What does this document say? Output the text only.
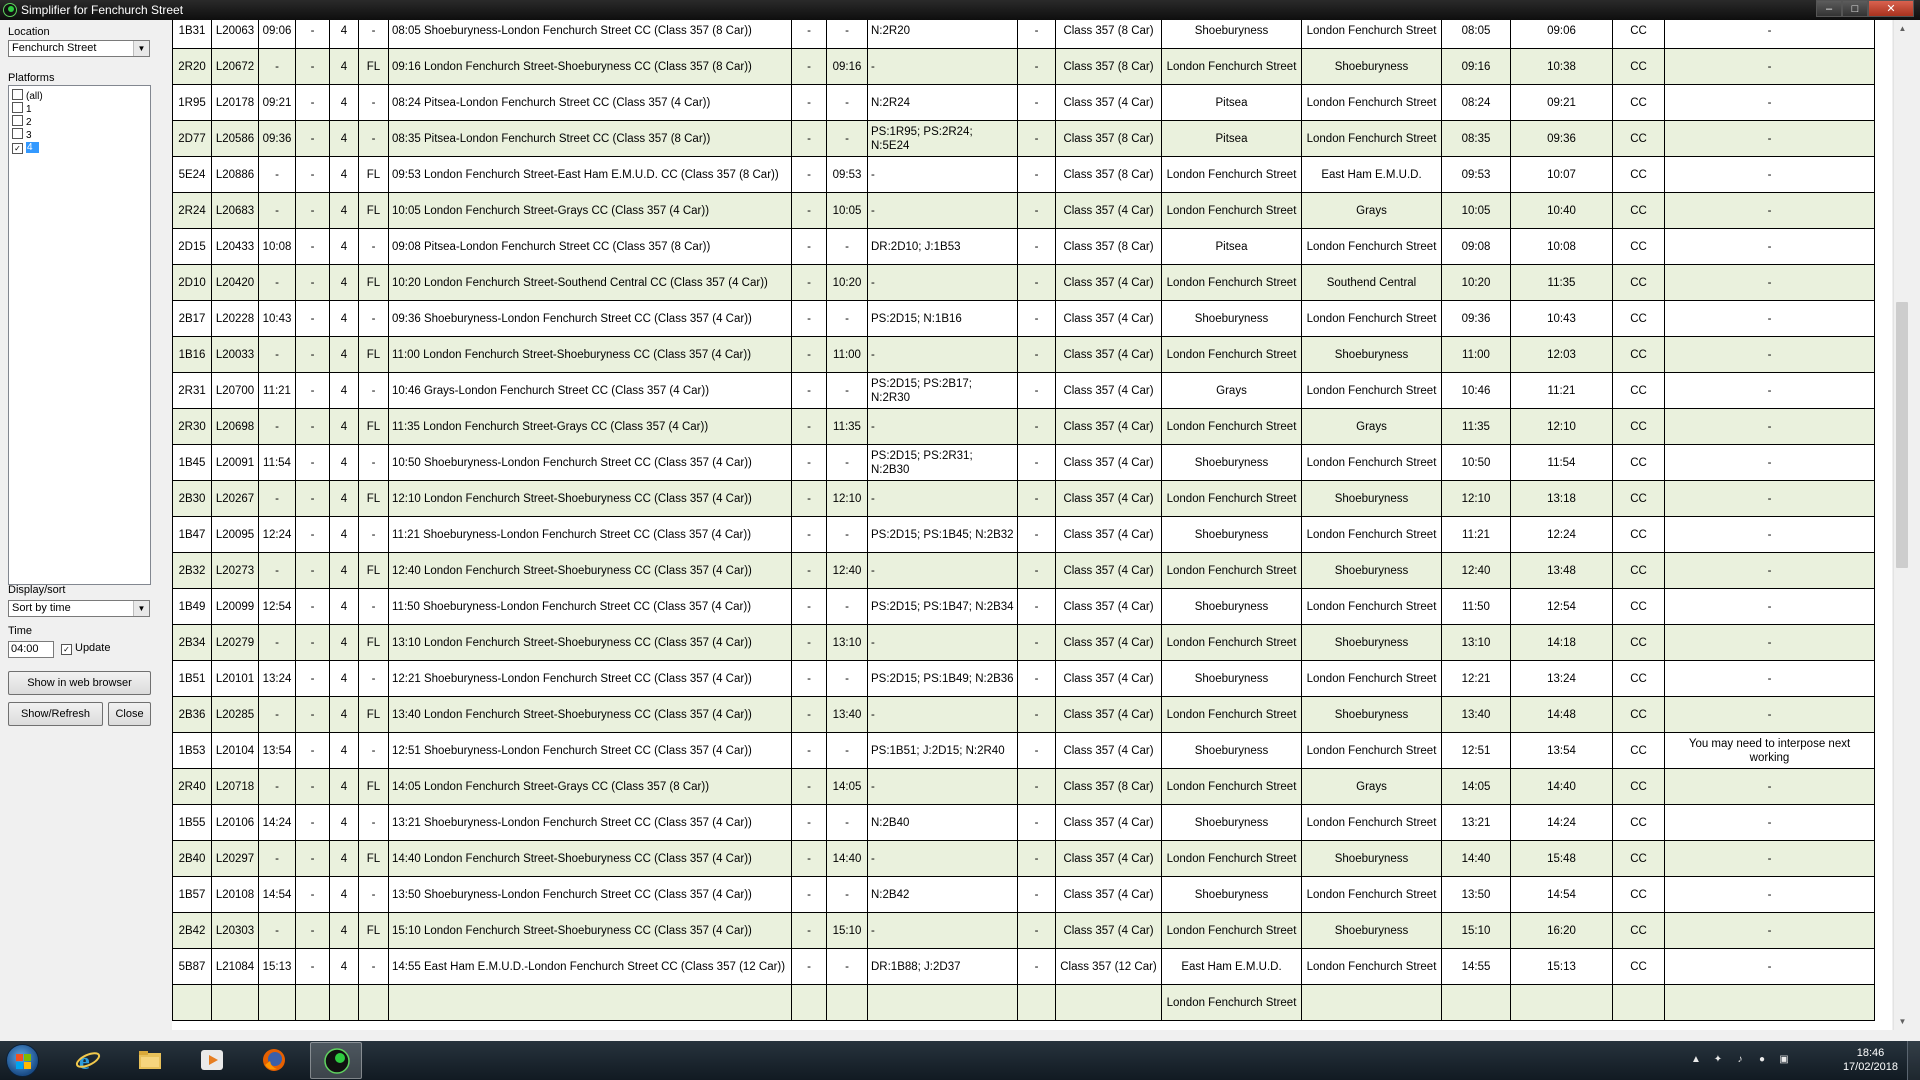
Simplifier for Fenchurch Street	‒	□	✕
Location
Fenchurch Street	▼
Platforms
(all)
1
2
3
✓ 4
Display/sort
Sort by time	▼
Time
04:00	✓ Update
Show in web browser
Show/Refresh	Close
1B31	L20063	09:06	-	4	-	08:05 Shoeburyness-London Fenchurch Street CC (Class 357 (8 Car))	-	-	N:2R20	-	Class 357 (8 Car)	Shoeburyness	London Fenchurch Street	08:05	09:06	CC	-
2R20	L20672	-	-	4	FL	09:16 London Fenchurch Street-Shoeburyness CC (Class 357 (8 Car))	-	09:16	-	-	Class 357 (8 Car)	London Fenchurch Street	Shoeburyness	09:16	10:38	CC	-
1R95	L20178	09:21	-	4	-	08:24 Pitsea-London Fenchurch Street CC (Class 357 (4 Car))	-	-	N:2R24	-	Class 357 (4 Car)	Pitsea	London Fenchurch Street	08:24	09:21	CC	-
2D77	L20586	09:36	-	4	-	08:35 Pitsea-London Fenchurch Street CC (Class 357 (8 Car))	-	-	PS:1R95; PS:2R24; N:5E24	-	Class 357 (8 Car)	Pitsea	London Fenchurch Street	08:35	09:36	CC	-
5E24	L20886	-	-	4	FL	09:53 London Fenchurch Street-East Ham E.M.U.D. CC (Class 357 (8 Car))	-	09:53	-	-	Class 357 (8 Car)	London Fenchurch Street	East Ham E.M.U.D.	09:53	10:07	CC	-
2R24	L20683	-	-	4	FL	10:05 London Fenchurch Street-Grays CC (Class 357 (4 Car))	-	10:05	-	-	Class 357 (4 Car)	London Fenchurch Street	Grays	10:05	10:40	CC	-
2D15	L20433	10:08	-	4	-	09:08 Pitsea-London Fenchurch Street CC (Class 357 (8 Car))	-	-	DR:2D10; J:1B53	-	Class 357 (8 Car)	Pitsea	London Fenchurch Street	09:08	10:08	CC	-
2D10	L20420	-	-	4	FL	10:20 London Fenchurch Street-Southend Central CC (Class 357 (4 Car))	-	10:20	-	-	Class 357 (4 Car)	London Fenchurch Street	Southend Central	10:20	11:35	CC	-
2B17	L20228	10:43	-	4	-	09:36 Shoeburyness-London Fenchurch Street CC (Class 357 (4 Car))	-	-	PS:2D15; N:1B16	-	Class 357 (4 Car)	Shoeburyness	London Fenchurch Street	09:36	10:43	CC	-
1B16	L20033	-	-	4	FL	11:00 London Fenchurch Street-Shoeburyness CC (Class 357 (4 Car))	-	11:00	-	-	Class 357 (4 Car)	London Fenchurch Street	Shoeburyness	11:00	12:03	CC	-
2R31	L20700	11:21	-	4	-	10:46 Grays-London Fenchurch Street CC (Class 357 (4 Car))	-	-	PS:2D15; PS:2B17; N:2R30	-	Class 357 (4 Car)	Grays	London Fenchurch Street	10:46	11:21	CC	-
2R30	L20698	-	-	4	FL	11:35 London Fenchurch Street-Grays CC (Class 357 (4 Car))	-	11:35	-	-	Class 357 (4 Car)	London Fenchurch Street	Grays	11:35	12:10	CC	-
1B45	L20091	11:54	-	4	-	10:50 Shoeburyness-London Fenchurch Street CC (Class 357 (4 Car))	-	-	PS:2D15; PS:2R31; N:2B30	-	Class 357 (4 Car)	Shoeburyness	London Fenchurch Street	10:50	11:54	CC	-
2B30	L20267	-	-	4	FL	12:10 London Fenchurch Street-Shoeburyness CC (Class 357 (4 Car))	-	12:10	-	-	Class 357 (4 Car)	London Fenchurch Street	Shoeburyness	12:10	13:18	CC	-
1B47	L20095	12:24	-	4	-	11:21 Shoeburyness-London Fenchurch Street CC (Class 357 (4 Car))	-	-	PS:2D15; PS:1B45; N:2B32	-	Class 357 (4 Car)	Shoeburyness	London Fenchurch Street	11:21	12:24	CC	-
2B32	L20273	-	-	4	FL	12:40 London Fenchurch Street-Shoeburyness CC (Class 357 (4 Car))	-	12:40	-	-	Class 357 (4 Car)	London Fenchurch Street	Shoeburyness	12:40	13:48	CC	-
1B49	L20099	12:54	-	4	-	11:50 Shoeburyness-London Fenchurch Street CC (Class 357 (4 Car))	-	-	PS:2D15; PS:1B47; N:2B34	-	Class 357 (4 Car)	Shoeburyness	London Fenchurch Street	11:50	12:54	CC	-
2B34	L20279	-	-	4	FL	13:10 London Fenchurch Street-Shoeburyness CC (Class 357 (4 Car))	-	13:10	-	-	Class 357 (4 Car)	London Fenchurch Street	Shoeburyness	13:10	14:18	CC	-
1B51	L20101	13:24	-	4	-	12:21 Shoeburyness-London Fenchurch Street CC (Class 357 (4 Car))	-	-	PS:2D15; PS:1B49; N:2B36	-	Class 357 (4 Car)	Shoeburyness	London Fenchurch Street	12:21	13:24	CC	-
2B36	L20285	-	-	4	FL	13:40 London Fenchurch Street-Shoeburyness CC (Class 357 (4 Car))	-	13:40	-	-	Class 357 (4 Car)	London Fenchurch Street	Shoeburyness	13:40	14:48	CC	-
1B53	L20104	13:54	-	4	-	12:51 Shoeburyness-London Fenchurch Street CC (Class 357 (4 Car))	-	-	PS:1B51; J:2D15; N:2R40	-	Class 357 (4 Car)	Shoeburyness	London Fenchurch Street	12:51	13:54	CC	You may need to interpose next working
2R40	L20718	-	-	4	FL	14:05 London Fenchurch Street-Grays CC (Class 357 (8 Car))	-	14:05	-	-	Class 357 (8 Car)	London Fenchurch Street	Grays	14:05	14:40	CC	-
1B55	L20106	14:24	-	4	-	13:21 Shoeburyness-London Fenchurch Street CC (Class 357 (4 Car))	-	-	N:2B40	-	Class 357 (4 Car)	Shoeburyness	London Fenchurch Street	13:21	14:24	CC	-
2B40	L20297	-	-	4	FL	14:40 London Fenchurch Street-Shoeburyness CC (Class 357 (4 Car))	-	14:40	-	-	Class 357 (4 Car)	London Fenchurch Street	Shoeburyness	14:40	15:48	CC	-
1B57	L20108	14:54	-	4	-	13:50 Shoeburyness-London Fenchurch Street CC (Class 357 (4 Car))	-	-	N:2B42	-	Class 357 (4 Car)	Shoeburyness	London Fenchurch Street	13:50	14:54	CC	-
2B42	L20303	-	-	4	FL	15:10 London Fenchurch Street-Shoeburyness CC (Class 357 (4 Car))	-	15:10	-	-	Class 357 (4 Car)	London Fenchurch Street	Shoeburyness	15:10	16:20	CC	-
5B87	L21084	15:13	-	4	-	14:55 East Ham E.M.U.D.-London Fenchurch Street CC (Class 357 (12 Car))	-	-	DR:1B88; J:2D37	-	Class 357 (12 Car)	East Ham E.M.U.D.	London Fenchurch Street	14:55	15:13	CC	-
												London Fenchurch Street					
▲
▼
e	▲ ✦	♪	● ▣
18:46
17/02/2018
